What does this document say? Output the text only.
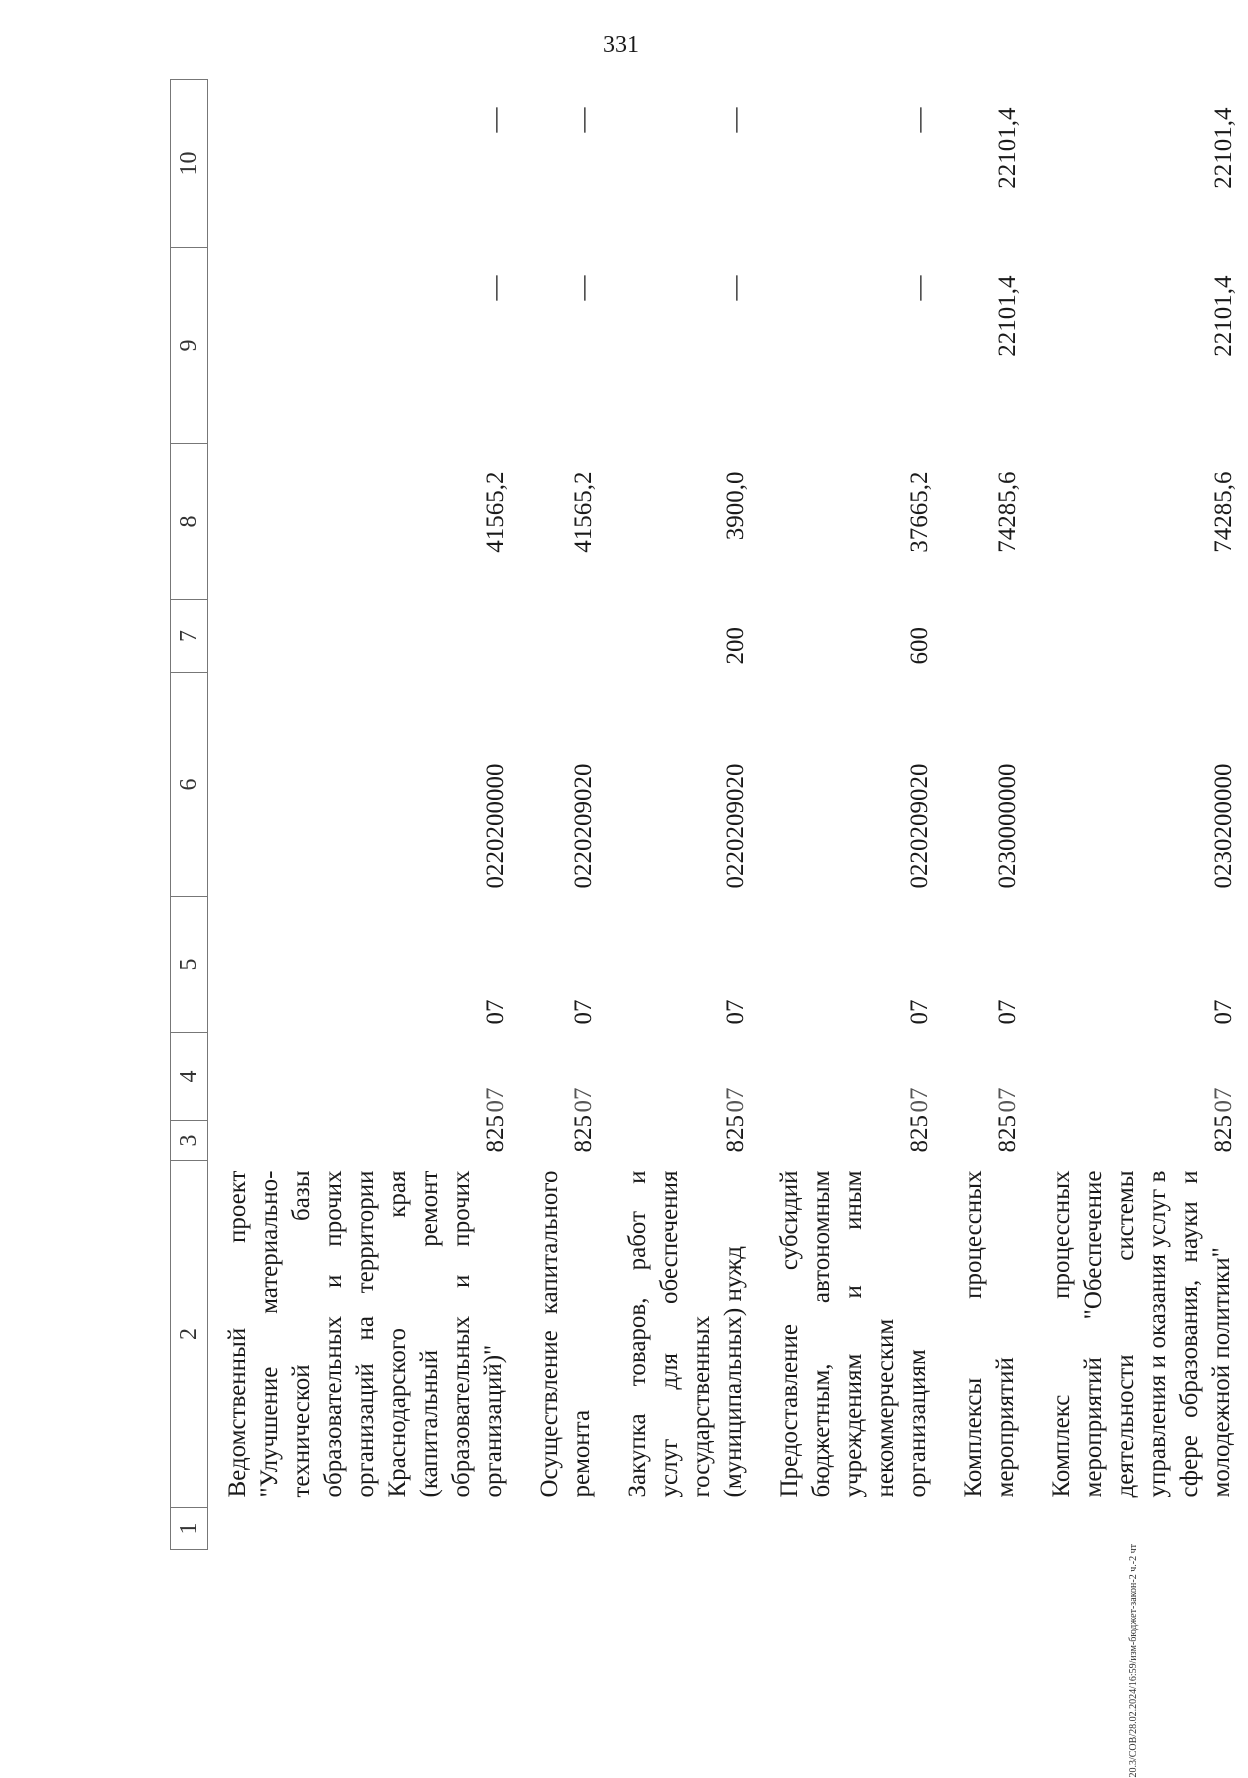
331
20.3/СОВ/28.02.2024/16:59/изм-бюджет-закон-2 ч.-2 чт
1	2	3	4	5	6	7	8	9	10
	Ведомственный проект "Улучшение материально-технической базы образовательных и прочих организаций на территории Краснодарского края (капитальный ремонт образовательных и прочих организаций)"	825	07	07	0220200000		41565,2	—	—
	Осуществление капитального ремонта	825	07	07	0220209020		41565,2	—	—
	Закупка товаров, работ и услуг для обеспечения государственных (муниципальных) нужд	825	07	07	0220209020	200	3900,0	—	—
	Предоставление субсидий бюджетным, автономным учреждениям и иным некоммерческим организациям	825	07	07	0220209020	600	37665,2	—	—
	Комплексы процессных мероприятий	825	07	07	0230000000		74285,6	22101,4	22101,4
	Комплекс процессных мероприятий "Обеспечение деятельности системы управления и оказания услуг в сфере образования, науки и молодежной политики"	825	07	07	0230200000		74285,6	22101,4	22101,4
